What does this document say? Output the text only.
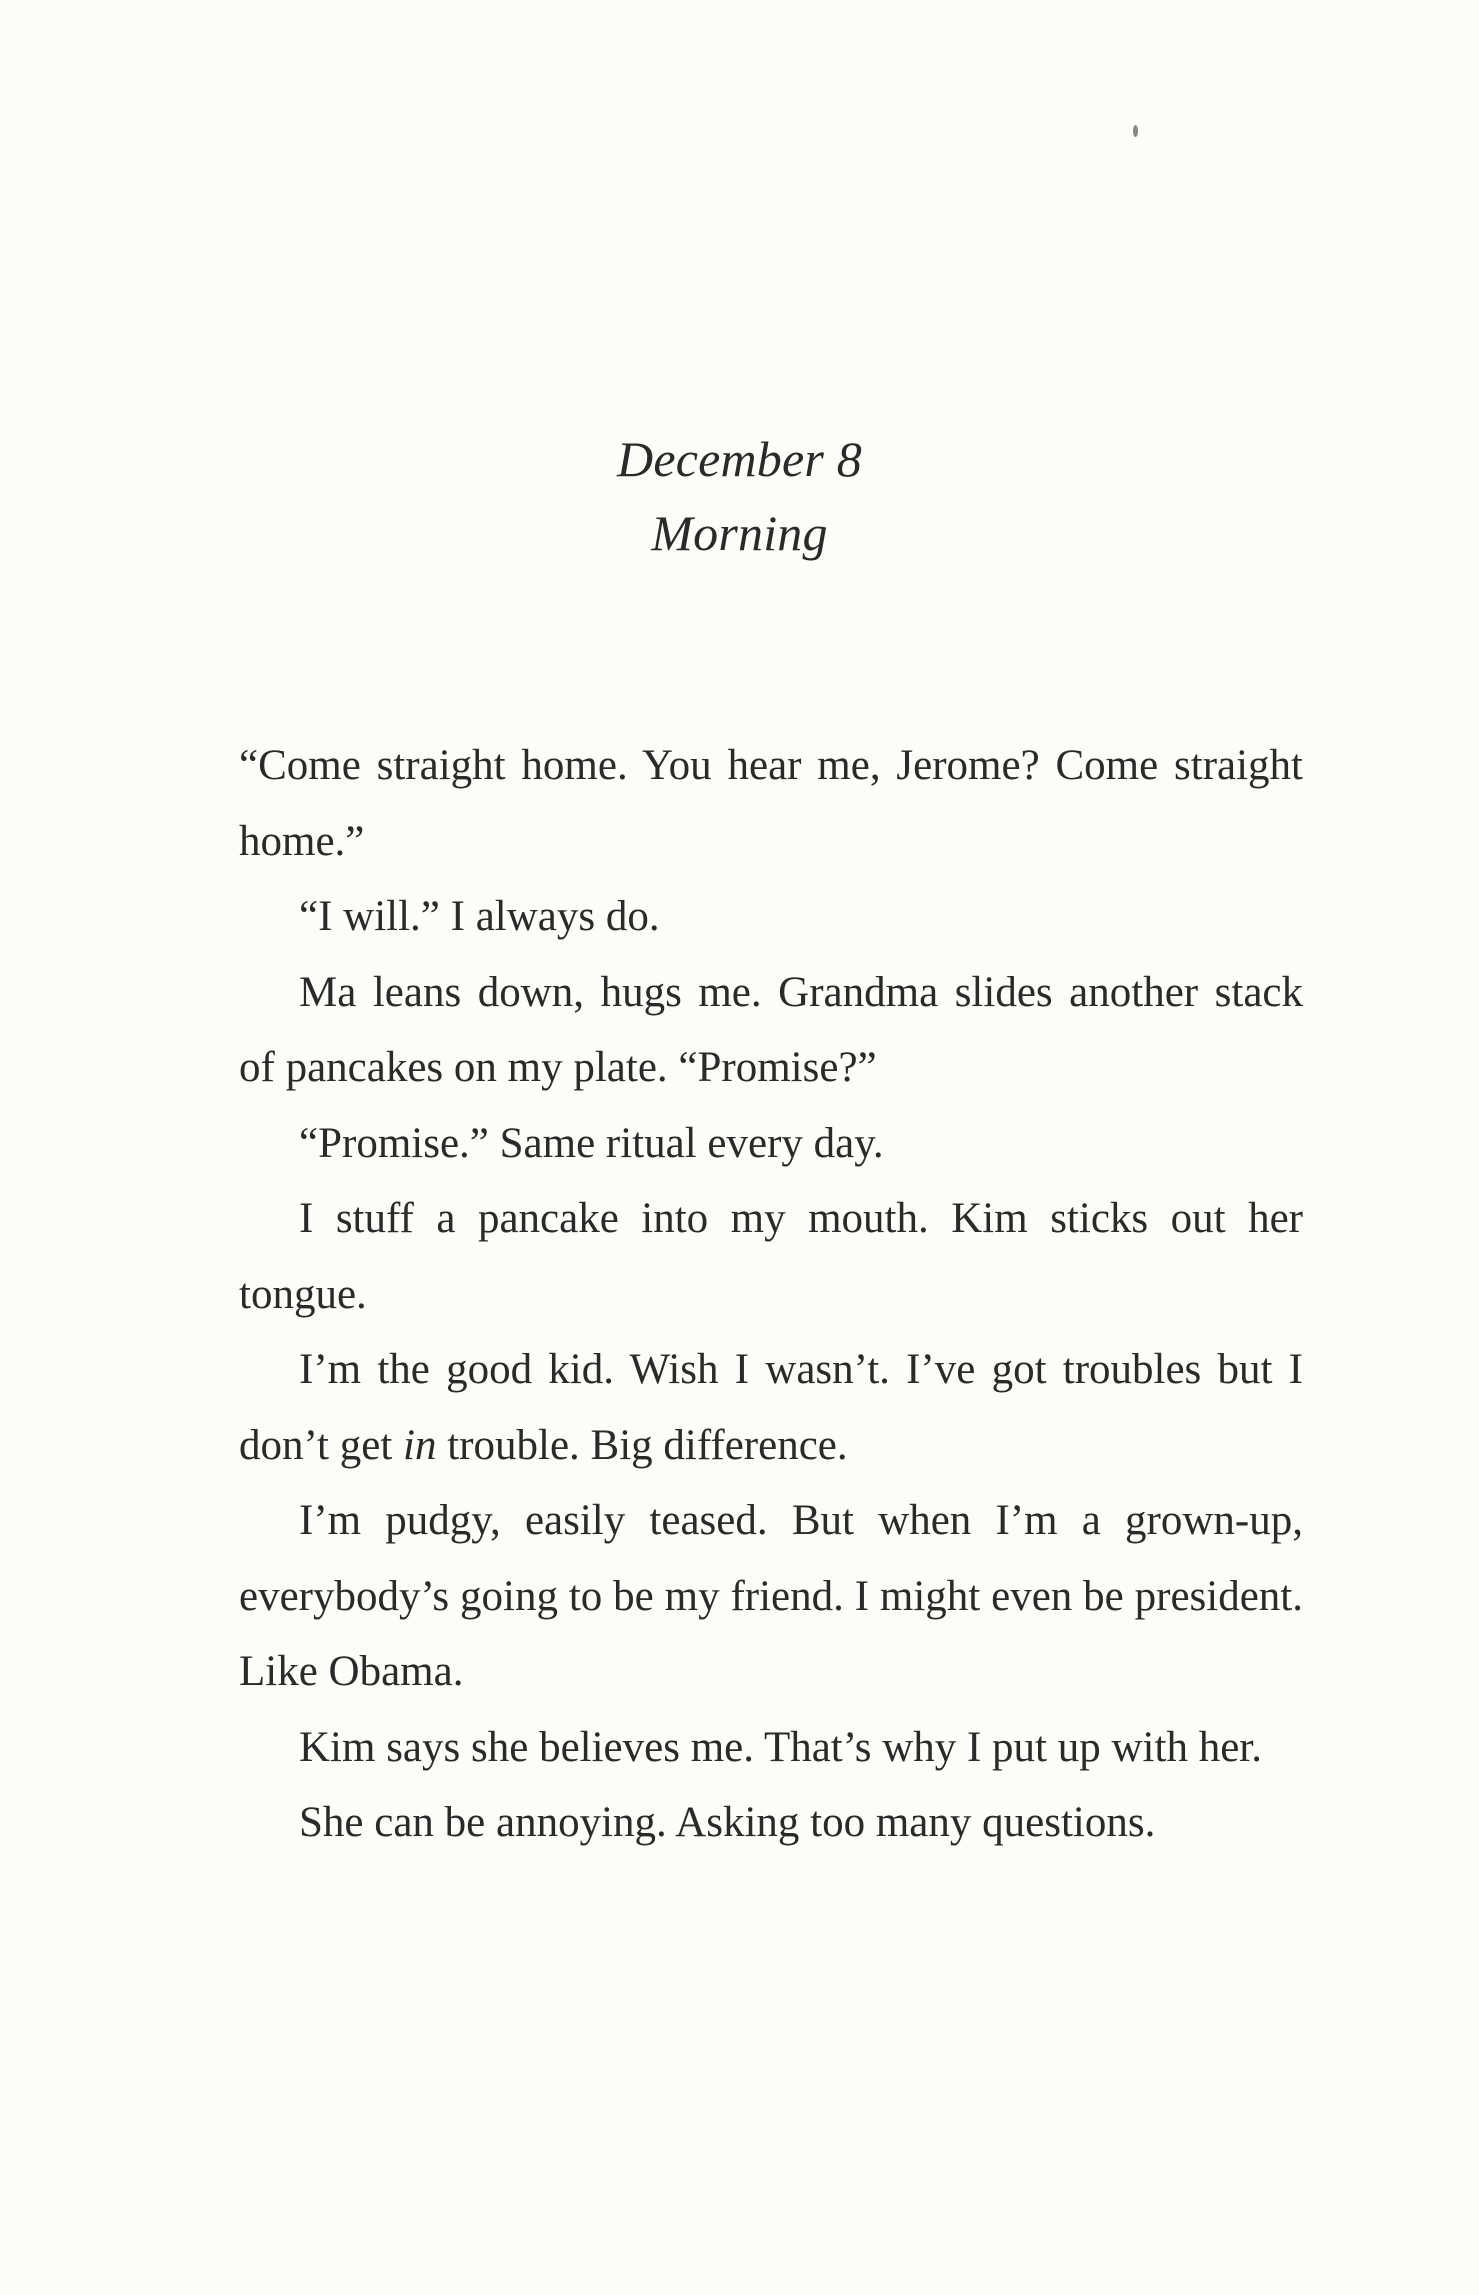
December 8
Morning

“Come straight home. You hear me, Jerome? Come straight home.”

“I will.” I always do.

Ma leans down, hugs me. Grandma slides another stack of pancakes on my plate. “Promise?”

“Promise.” Same ritual every day.

I stuff a pancake into my mouth. Kim sticks out her tongue.

I’m the good kid. Wish I wasn’t. I’ve got troubles but I don’t get in trouble. Big difference.

I’m pudgy, easily teased. But when I’m a grown-up, everybody’s going to be my friend. I might even be president. Like Obama.

Kim says she believes me. That’s why I put up with her.

She can be annoying. Asking too many questions.
